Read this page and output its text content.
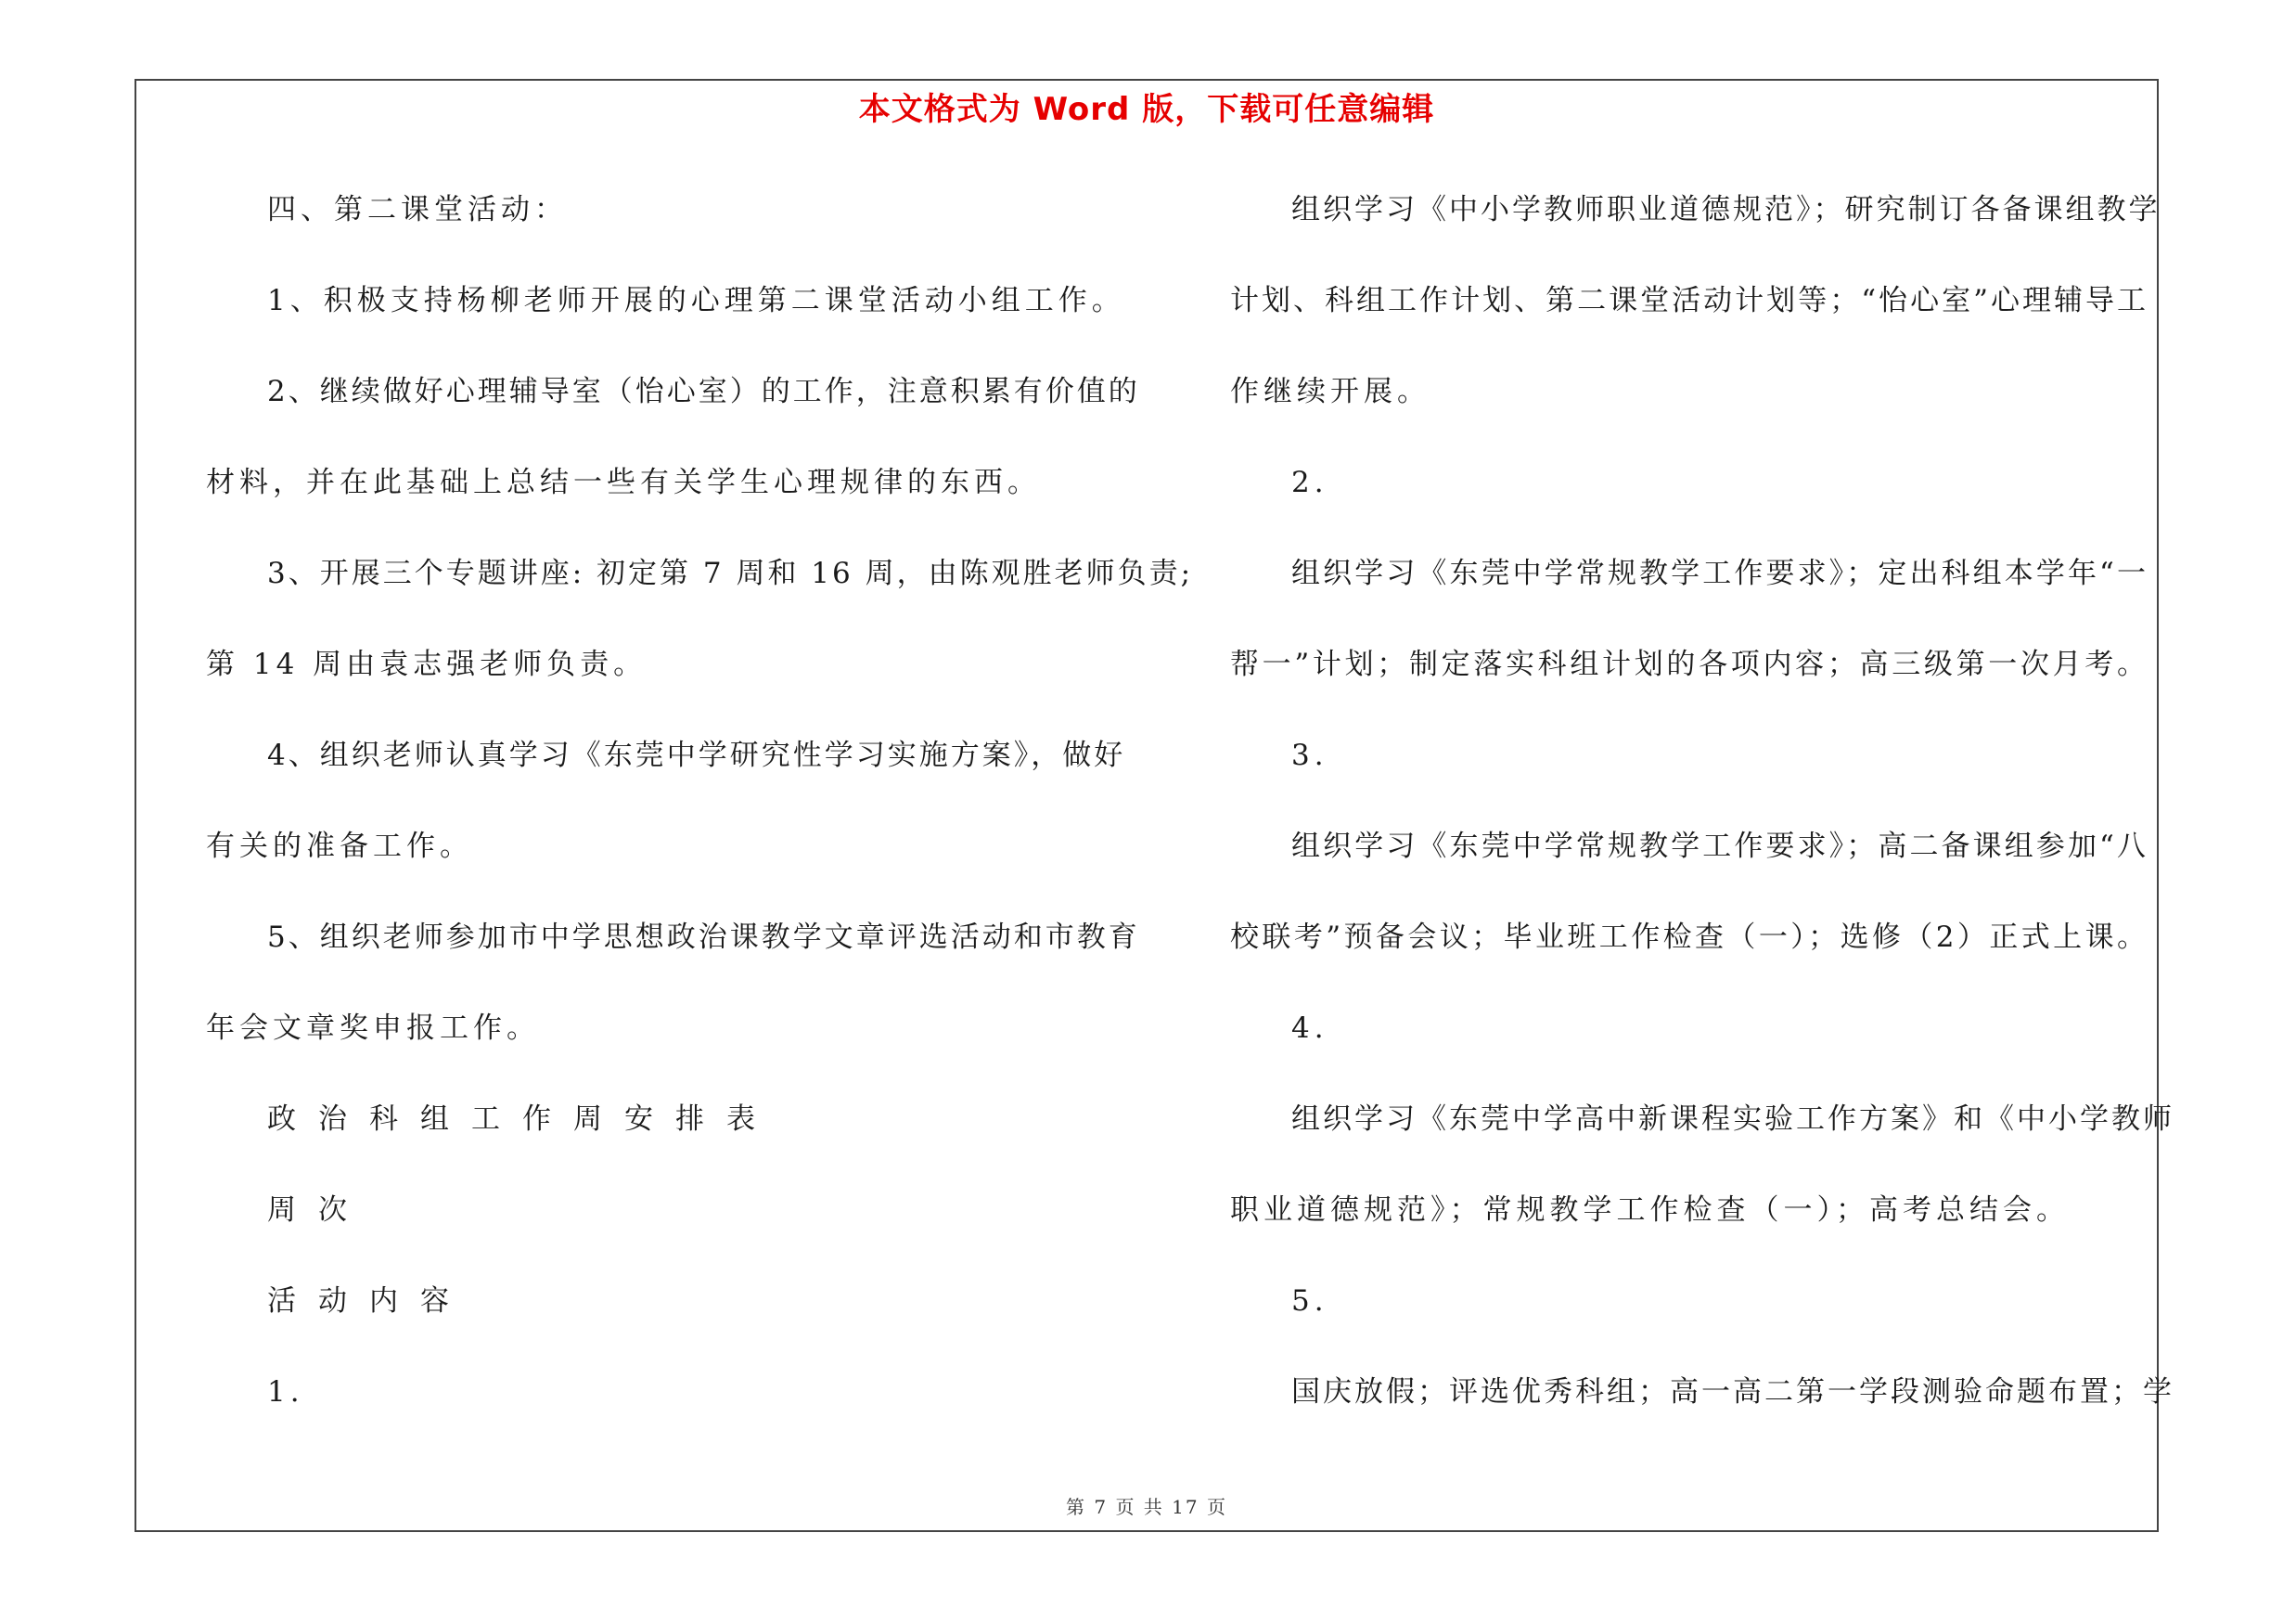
本文格式为 Word 版，下载可任意编辑
四、第二课堂活动：
1、积极支持杨柳老师开展的心理第二课堂活动小组工作。
2、继续做好心理辅导室（怡心室）的工作，注意积累有价值的
材料，并在此基础上总结一些有关学生心理规律的东西。
3、开展三个专题讲座: 初定第 7 周和 16 周，由陈观胜老师负责;
第 14 周由袁志强老师负责。
4、组织老师认真学习《东莞中学研究性学习实施方案》，做好
有关的准备工作。
5、组织老师参加市中学思想政治课教学文章评选活动和市教育
年会文章奖申报工作。
政治科组工作周安排表
周次
活动内容
1.
组织学习《中小学教师职业道德规范》；研究制订各备课组教学
计划、科组工作计划、第二课堂活动计划等；“怡心室”心理辅导工
作继续开展。
2.
组织学习《东莞中学常规教学工作要求》；定出科组本学年“一
帮一”计划；制定落实科组计划的各项内容；高三级第一次月考。
3.
组织学习《东莞中学常规教学工作要求》；高二备课组参加“八
校联考”预备会议；毕业班工作检查（一）；选修（2）正式上课。
4.
组织学习《东莞中学高中新课程实验工作方案》和《中小学教师
职业道德规范》；常规教学工作检查（一）；高考总结会。
5.
国庆放假；评选优秀科组；高一高二第一学段测验命题布置；学
第 7 页 共 17 页
